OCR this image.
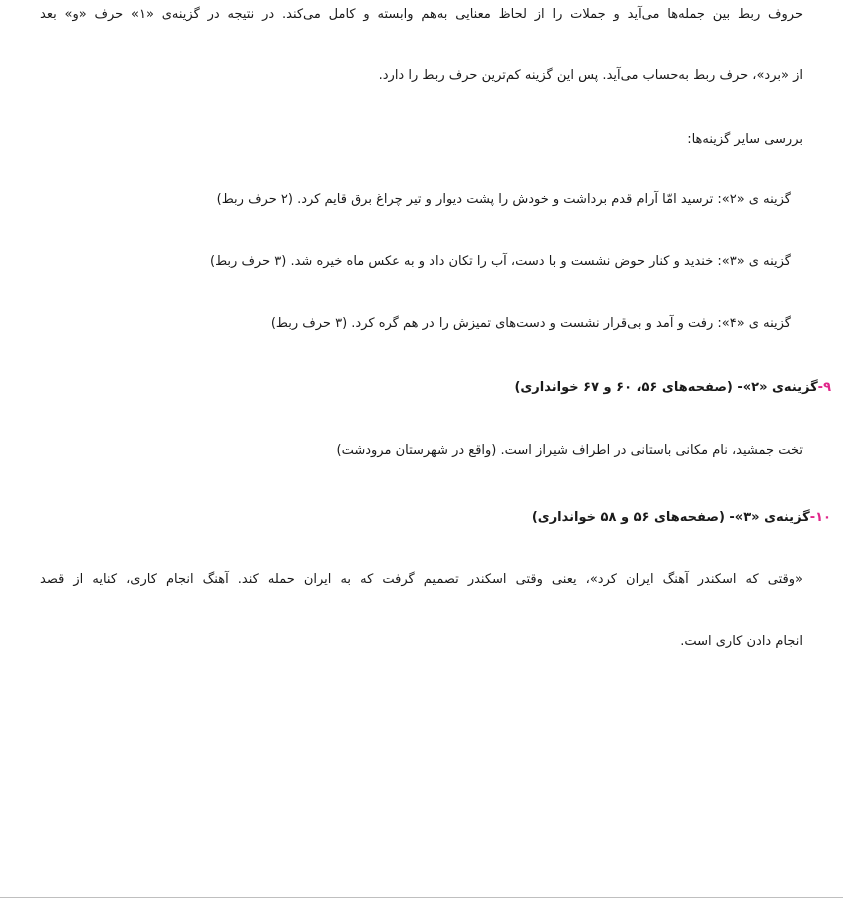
حروف ربط بین جمله‌ها می‌آید و جملات را از لحاظ معنایی به‌هم وابسته و کامل می‌کند. در نتیجه در گزینه‌ی «۱» حرف «و» بعد
از «برد»، حرف ربط به‌حساب می‌آید. پس این گزینه کم‌ترین حرف ربط را دارد.
بررسی سایر گزینه‌ها:
گزینه ی «۲»: ترسید امّا آرام قدم برداشت و خودش را پشت دیوار و تیر چراغ برق قایم کرد. (۲ حرف ربط)
گزینه ی «۳»: خندید و کنار حوض نشست و با دست، آب را تکان داد و به عکس ماه خیره شد. (۳ حرف ربط)
گزینه ی «۴»: رفت و آمد و بی‌قرار نشست و دست‌های تمیزش را در هم گره کرد. (۳ حرف ربط)
۹-گزینه‌ی «۲»- (صفحه‌های ۵۶، ۶۰ و ۶۷ خوانداری)
تخت جمشید، نام مکانی باستانی در اطراف شیراز است. (واقع در شهرستان مرودشت)
۱۰-گزینه‌ی «۳»- (صفحه‌های ۵۶ و ۵۸ خوانداری)
«وقتی که اسکندر آهنگ ایران کرد»، یعنی وقتی اسکندر تصمیم گرفت که به ایران حمله کند. آهنگ انجام کاری، کنایه از قصد
انجام دادن کاری است.
